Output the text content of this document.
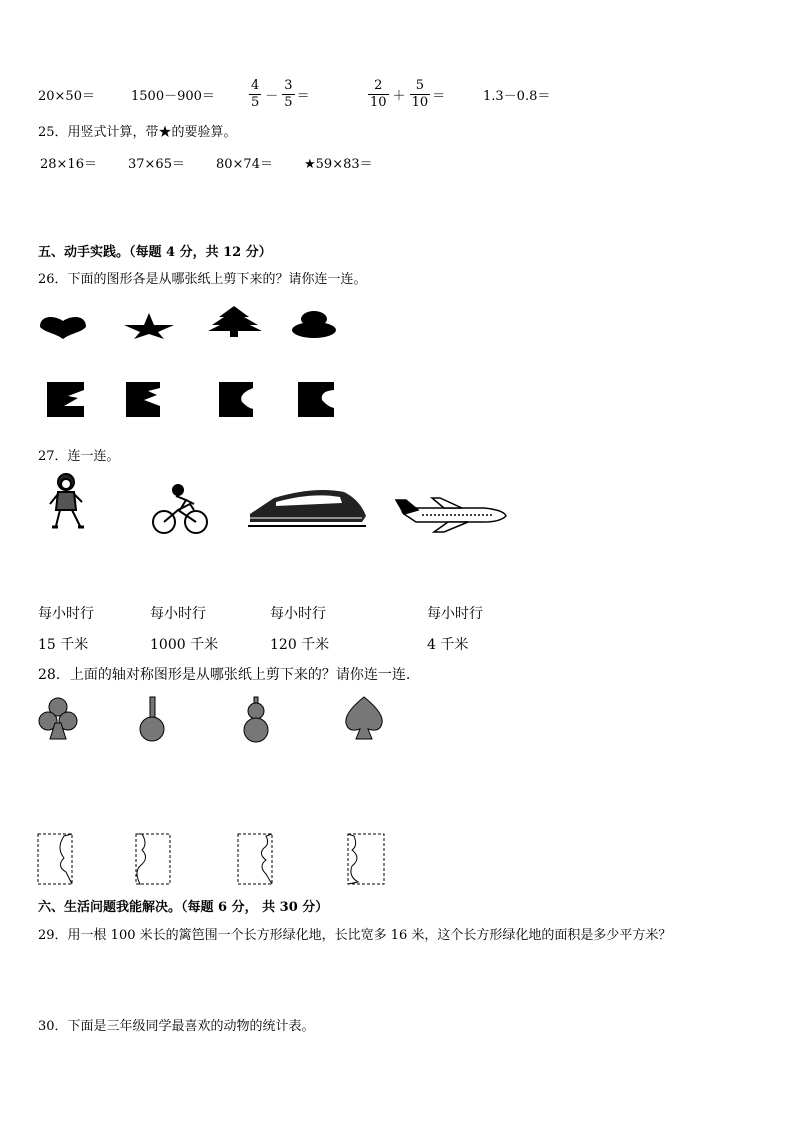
20×50＝	1500－900＝	$\frac{4}{5} - \frac{3}{5}$ ＝	$\frac{2}{10} + \frac{5}{10}$ ＝	1.3－0.8＝
25．用竖式计算，带★的要验算。
28×16＝ 37×65＝ 80×74＝ ★59×83＝
五、动手实践。（每题 4 分，共 12 分）
26．下面的图形各是从哪张纸上剪下来的？请你连一连。
27．连一连。
每小时行	每小时行	每小时行	每小时行
15 千米	1000 千米	120 千米	4 千米
28．上面的轴对称图形是从哪张纸上剪下来的？请你连一连.
六、生活问题我能解决。（每题 6 分， 共 30 分）
29．用一根 100 米长的篱笆围一个长方形绿化地，长比宽多 16 米，这个长方形绿化地的面积是多少平方米？
30．下面是三年级同学最喜欢的动物的统计表。
